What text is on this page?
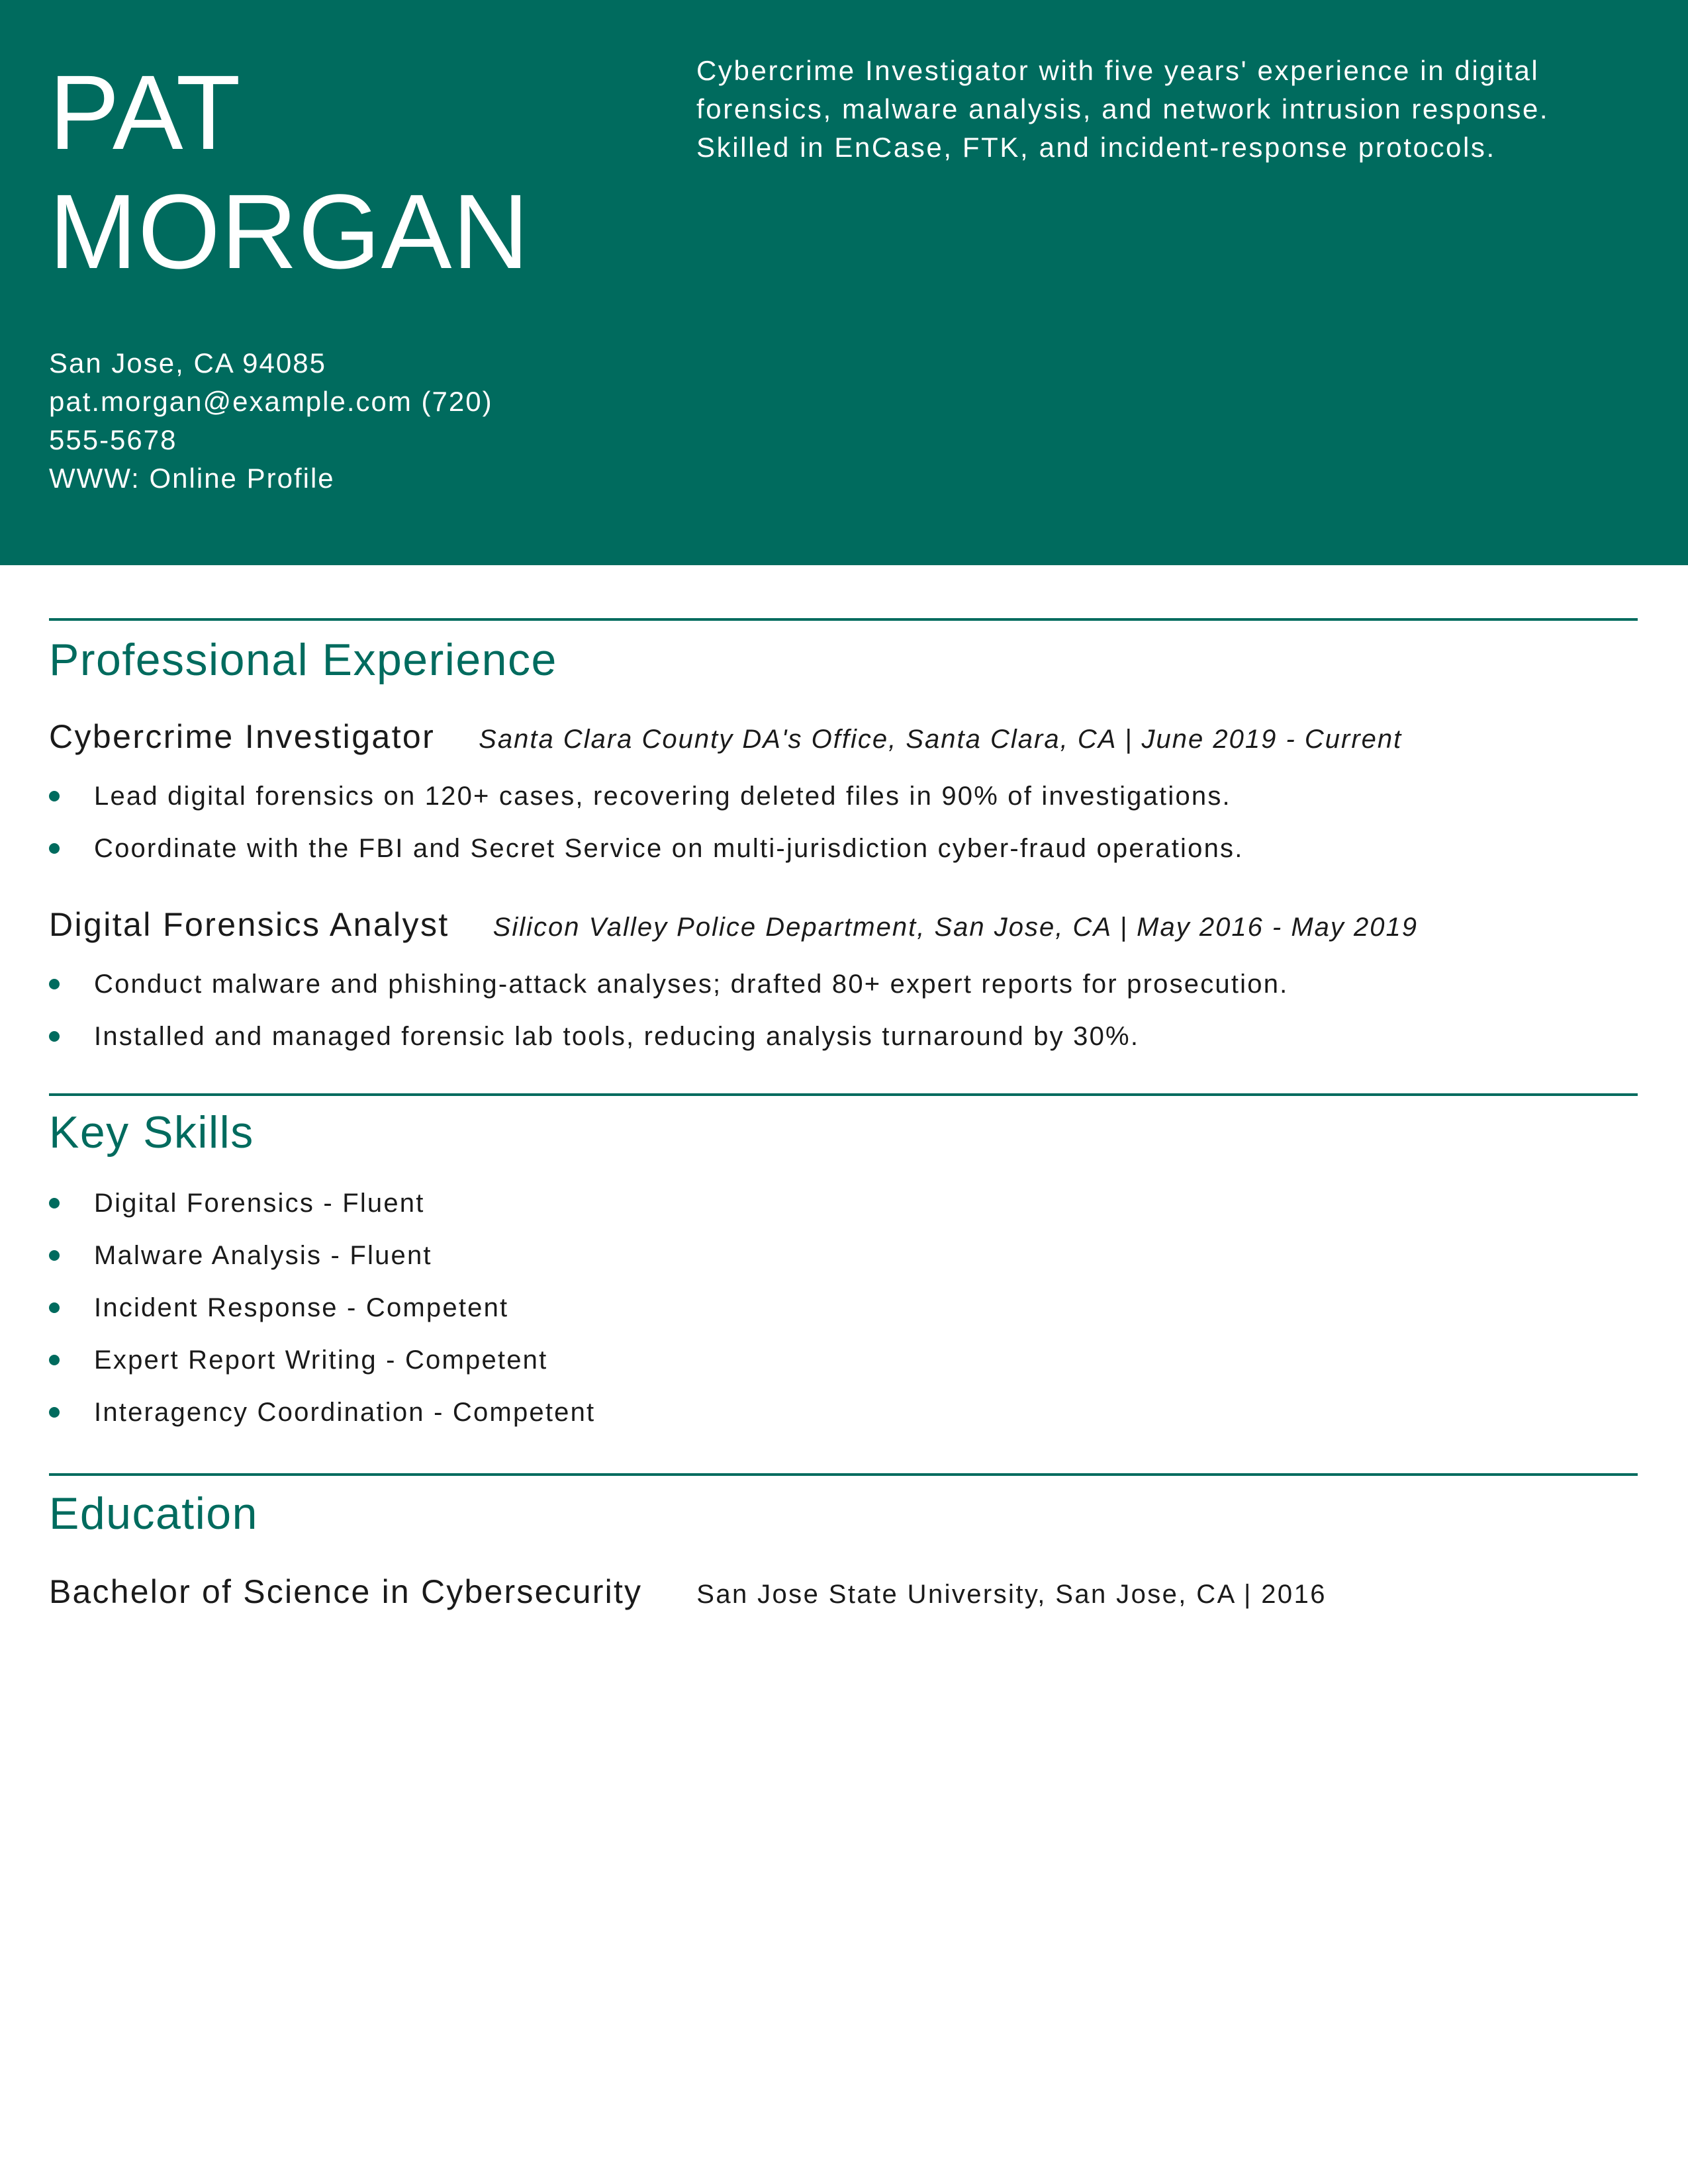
PAT
MORGAN
San Jose, CA 94085
pat.morgan@example.com (720)
555-5678
WWW: Online Profile
Cybercrime Investigator with five years' experience in digital forensics, malware analysis, and network intrusion response. Skilled in EnCase, FTK, and incident-response protocols.
Professional Experience
Cybercrime Investigator Santa Clara County DA's Office, Santa Clara, CA | June 2019 - Current
Lead digital forensics on 120+ cases, recovering deleted files in 90% of investigations.
Coordinate with the FBI and Secret Service on multi-jurisdiction cyber-fraud operations.
Digital Forensics Analyst Silicon Valley Police Department, San Jose, CA | May 2016 - May 2019
Conduct malware and phishing-attack analyses; drafted 80+ expert reports for prosecution.
Installed and managed forensic lab tools, reducing analysis turnaround by 30%.
Key Skills
Digital Forensics - Fluent
Malware Analysis - Fluent
Incident Response - Competent
Expert Report Writing - Competent
Interagency Coordination - Competent
Education
Bachelor of Science in Cybersecurity San Jose State University, San Jose, CA | 2016
